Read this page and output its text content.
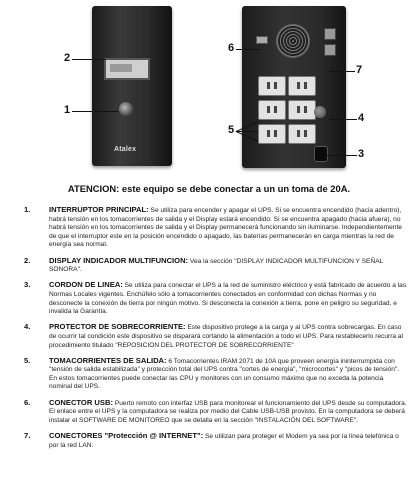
Atalex
2
1
6
7
4
5
3
ATENCION: este equipo se debe conectar a un un toma de 20A.
1. INTERRUPTOR PRINCIPAL: Se utiliza para encender y apagar el UPS. Si se encuentra encendido (hacia adentro), habrá tensión en los tomacorrientes de salida y el Display estará encendido. Si se encuentra apagado (hacia afuera), no habrá tensión en los tomacorrientes de salida y el Display permanecerá funcionando sin iluminarse. Independientemente de que el interruptor este en la posición encendido o apagado, las baterías permanecerán en carga mientras la red de energía sea normal.
2. DISPLAY INDICADOR MULTIFUNCION: Vea la sección "DISPLAY INDICADOR MULTIFUNCION Y SEÑAL SONORA".
3. CORDON DE LINEA: Se utiliza para conectar el UPS a la red de suministro eléctrico y está fabricado de acuerdo a las Normas Locales vigentes. Enchúfelo sólo a tomacorrientes conectados en conformidad con dichas Normas y no desconecte la conexión de tierra por ningún motivo. Si desconecta la conexión a tierra, pone en peligro su seguridad, e invalida la Garantía.
4. PROTECTOR DE SOBRECORRIENTE: Este dispositivo protege a la carga y al UPS contra sobrecargas. En caso de ocurrir tal condición este dispositivo se disparará cortando la alimentación a todo el UPS. Para restablecerlo recurra al procedimiento titulado "REPOSICION DEL PROTECTOR DE SOBRECORRIENTE"
5. TOMACORRIENTES DE SALIDA: 6 Tomacorrientes IRAM 2071 de 10A que proveen energía ininterrumpida con "tensión de salida estabilizada" y protección total del UPS contra "cortes de energía", "microcortes" y "picos de tensión". En estos tomacorrientes puede conectar las CPU y monitores con un consumo máximo que no exceda la potencia nominal del UPS.
6. CONECTOR USB: Puerto remoto con interfaz USB para monitorear el funcionamiento del UPS desde su computadora. El enlace entre el UPS y la computadora se realiza por medio del Cable USB-USB provisto. En la computadora se deberá instalar el SOFTWARE DE MONITOREO que se detalla en la sección "INSTALACIÓN DEL SOFTWARE".
7. CONECTORES "Protección @ INTERNET": Se utilizan para proteger el Modem ya sea por la línea telefónica o por la red LAN.
